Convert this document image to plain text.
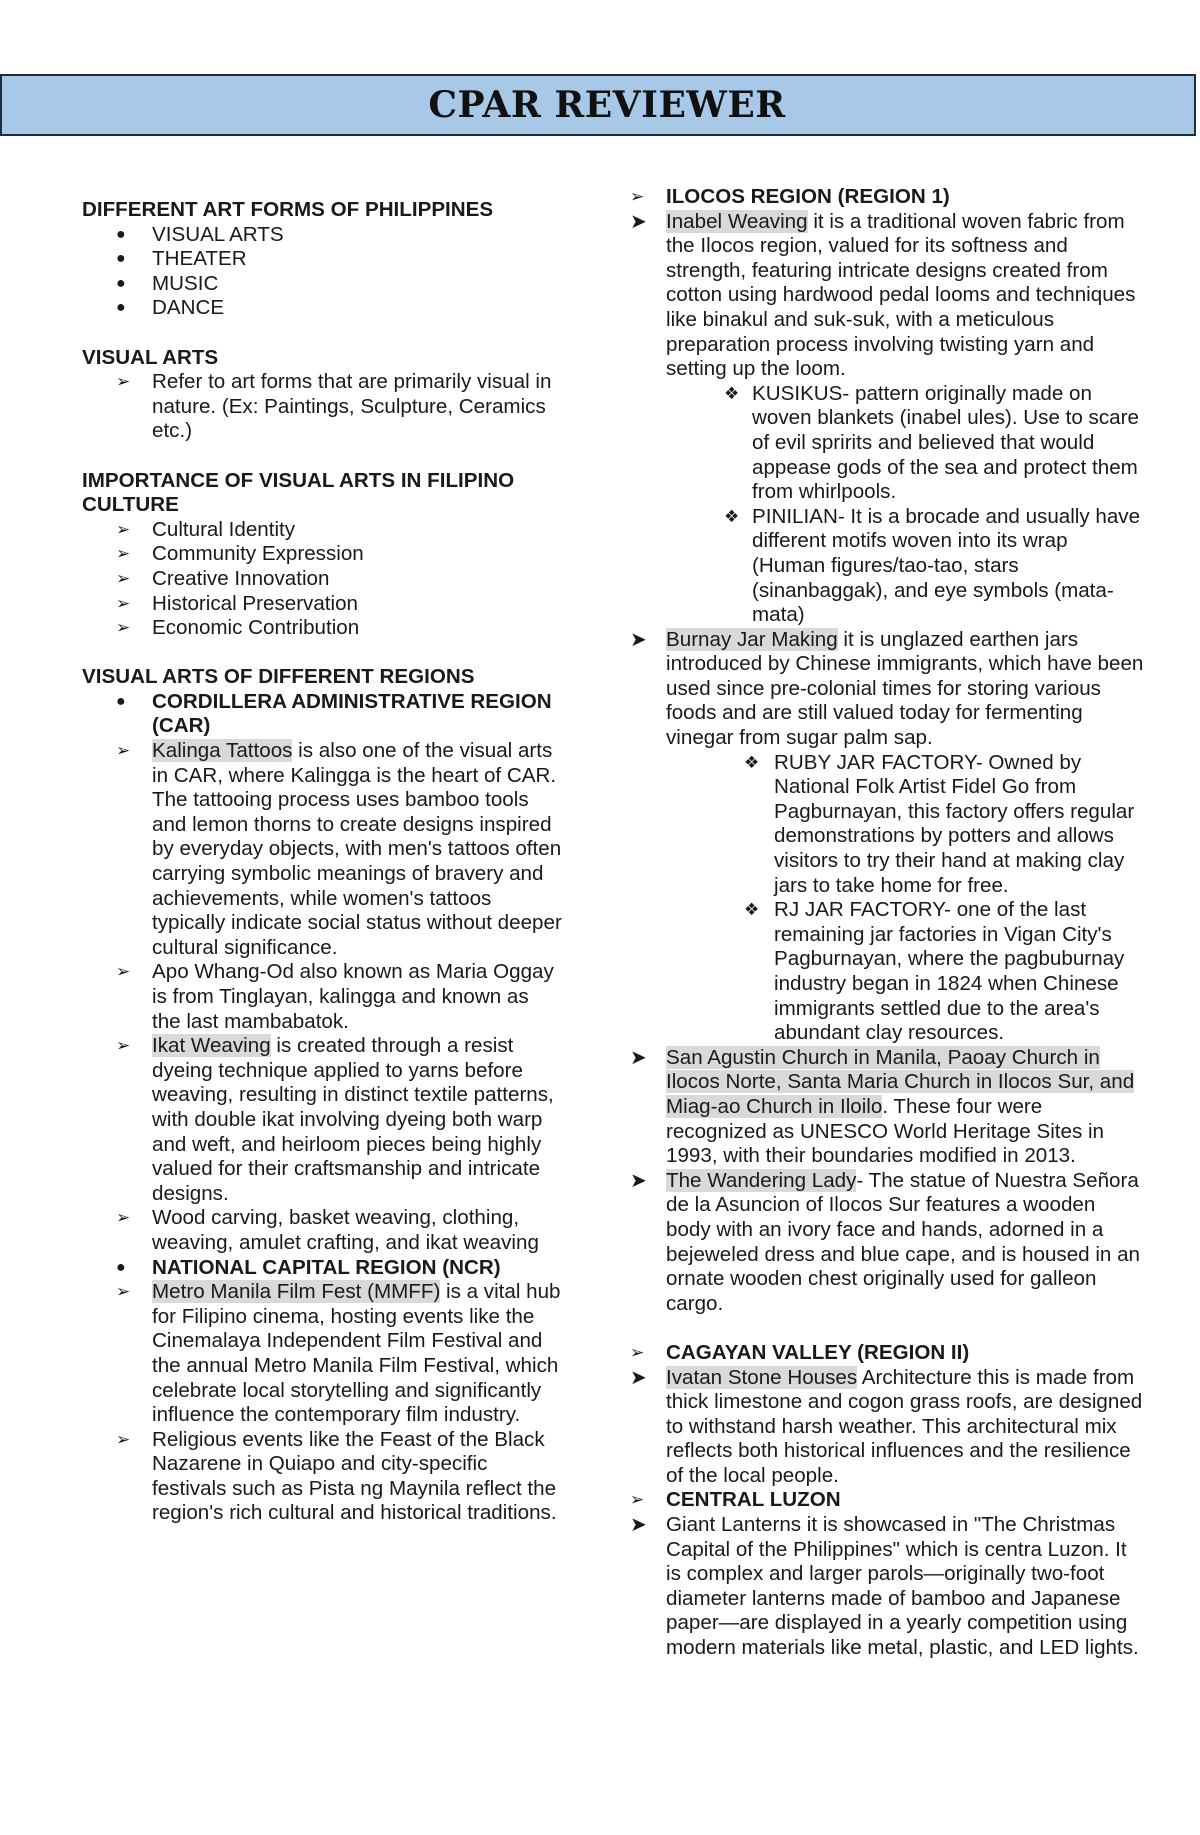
CPAR REVIEWER

DIFFERENT ART FORMS OF PHILIPPINES

●	VISUAL ARTS

●	THEATER

●	MUSIC

●	DANCE

VISUAL ARTS

➢	Refer to art forms that are primarily visual in nature. (Ex: Paintings, Sculpture, Ceramics etc.)

IMPORTANCE OF VISUAL ARTS IN FILIPINO CULTURE

➢	Cultural Identity

➢	Community Expression

➢	Creative Innovation

➢	Historical Preservation

➢	Economic Contribution

VISUAL ARTS OF DIFFERENT REGIONS

●	CORDILLERA ADMINISTRATIVE REGION (CAR)

➢	Kalinga Tattoos is also one of the visual arts in CAR, where Kalingga is the heart of CAR. The tattooing process uses bamboo tools and lemon thorns to create designs inspired by everyday objects, with men's tattoos often carrying symbolic meanings of bravery and achievements, while women's tattoos typically indicate social status without deeper cultural significance.

➢	Apo Whang-Od also known as Maria Oggay is from Tinglayan, kalingga and known as the last mambabatok.

➢	Ikat Weaving is created through a resist dyeing technique applied to yarns before weaving, resulting in distinct textile patterns, with double ikat involving dyeing both warp and weft, and heirloom pieces being highly valued for their craftsmanship and intricate designs.

➢	Wood carving, basket weaving, clothing, weaving, amulet crafting, and ikat weaving

●	NATIONAL CAPITAL REGION (NCR)

➢	Metro Manila Film Fest (MMFF) is a vital hub for Filipino cinema, hosting events like the Cinemalaya Independent Film Festival and the annual Metro Manila Film Festival, which celebrate local storytelling and significantly influence the contemporary film industry.

➢	Religious events like the Feast of the Black Nazarene in Quiapo and city-specific festivals such as Pista ng Maynila reflect the region's rich cultural and historical traditions.

➢	ILOCOS REGION (REGION 1)

➤ Inabel Weaving it is a traditional woven fabric from the Ilocos region, valued for its softness and strength, featuring intricate designs created from cotton using hardwood pedal looms and techniques like binakul and suk-suk, with a meticulous preparation process involving twisting yarn and setting up the loom.

❖ KUSIKUS- pattern originally made on woven blankets (inabel ules). Use to scare of evil spririts and believed that would appease gods of the sea and protect them from whirlpools.

❖ PINILIAN- It is a brocade and usually have different motifs woven into its wrap (Human figures/tao-tao, stars (sinanbaggak), and eye symbols (mata-mata)

➤ Burnay Jar Making it is unglazed earthen jars introduced by Chinese immigrants, which have been used since pre-colonial times for storing various foods and are still valued today for fermenting vinegar from sugar palm sap.

❖ RUBY JAR FACTORY- Owned by National Folk Artist Fidel Go from Pagburnayan, this factory offers regular demonstrations by potters and allows visitors to try their hand at making clay jars to take home for free.

❖ RJ JAR FACTORY- one of the last remaining jar factories in Vigan City's Pagburnayan, where the pagbuburnay industry began in 1824 when Chinese immigrants settled due to the area's abundant clay resources.

➤ San Agustin Church in Manila, Paoay Church in Ilocos Norte, Santa Maria Church in Ilocos Sur, and Miag-ao Church in Iloilo. These four were recognized as UNESCO World Heritage Sites in 1993, with their boundaries modified in 2013.

➤ The Wandering Lady- The statue of Nuestra Señora de la Asuncion of Ilocos Sur features a wooden body with an ivory face and hands, adorned in a bejeweled dress and blue cape, and is housed in an ornate wooden chest originally used for galleon cargo.

➢	CAGAYAN VALLEY (REGION II)

➤ Ivatan Stone Houses Architecture this is made from thick limestone and cogon grass roofs, are designed to withstand harsh weather. This architectural mix reflects both historical influences and the resilience of the local people.

➢	CENTRAL LUZON

➤ Giant Lanterns it is showcased in "The Christmas Capital of the Philippines" which is centra Luzon. It is complex and larger parols—originally two-foot diameter lanterns made of bamboo and Japanese paper—are displayed in a yearly competition using modern materials like metal, plastic, and LED lights.
